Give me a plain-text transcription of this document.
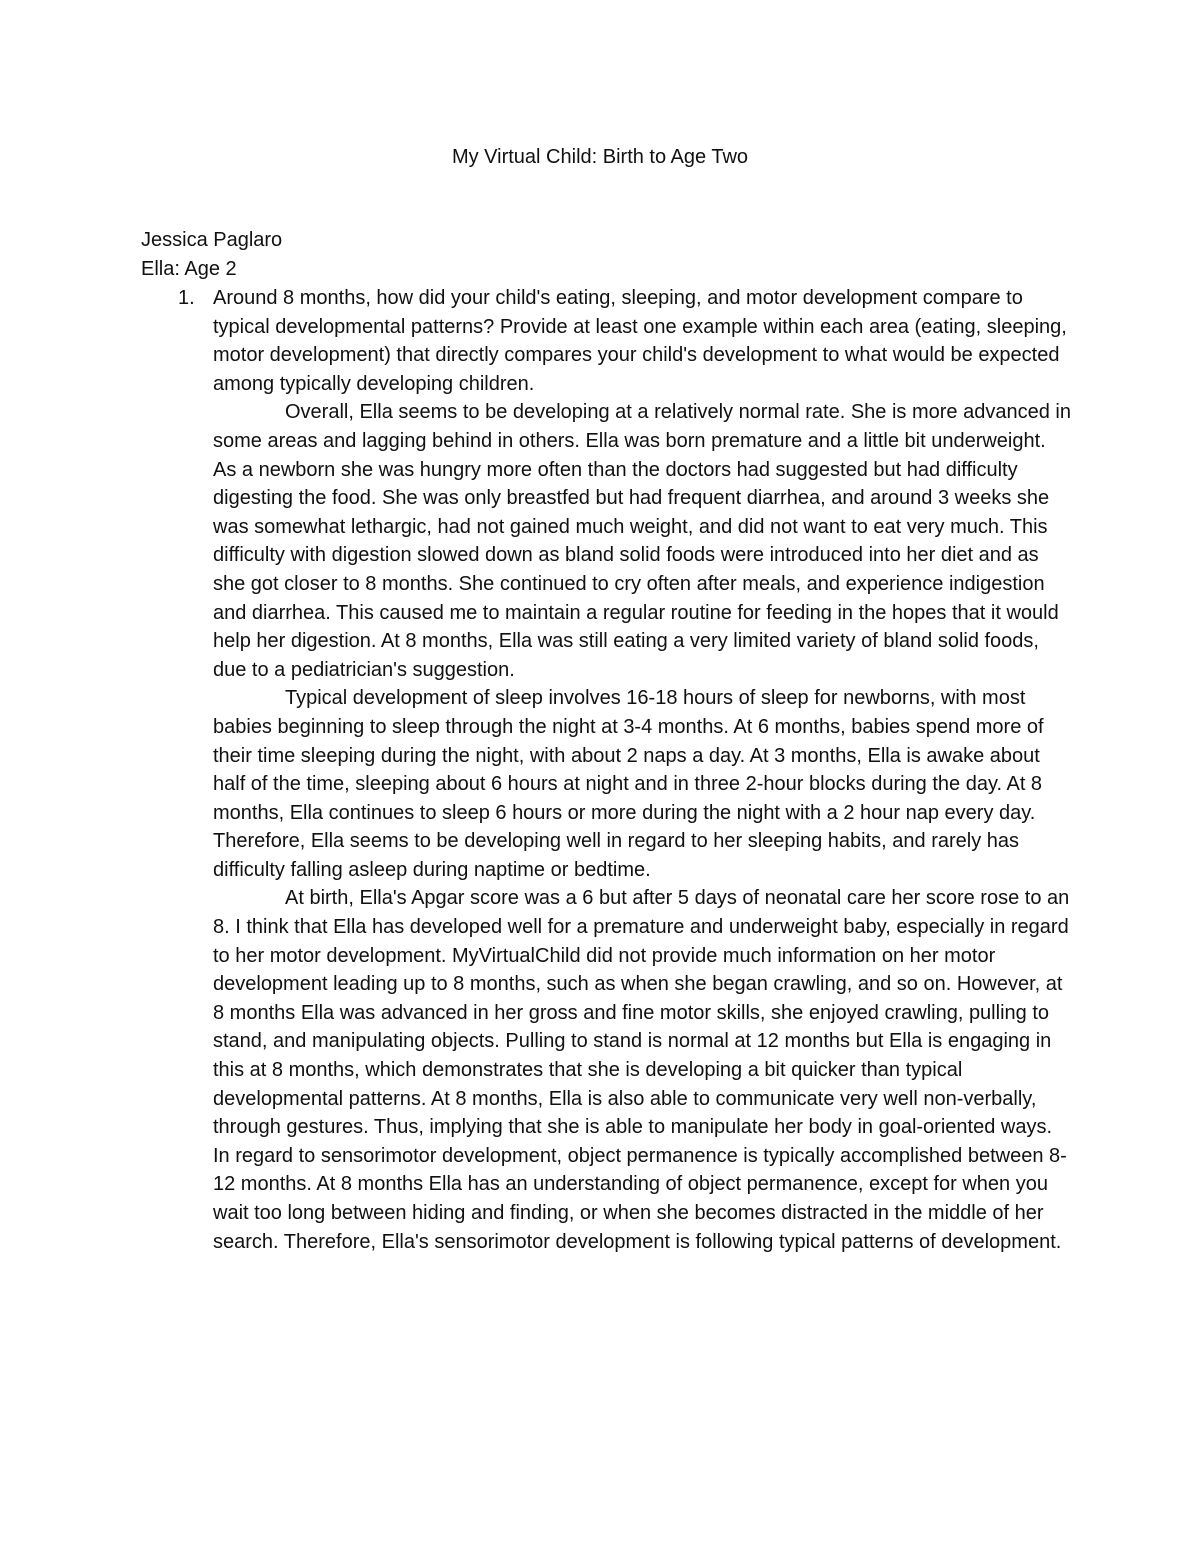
My Virtual Child: Birth to Age Two
Jessica Paglaro
Ella: Age 2
1. Around 8 months, how did your child's eating, sleeping, and motor development compare to typical developmental patterns? Provide at least one example within each area (eating, sleeping, motor development) that directly compares your child's development to what would be expected among typically developing children.

Overall, Ella seems to be developing at a relatively normal rate. She is more advanced in some areas and lagging behind in others. Ella was born premature and a little bit underweight. As a newborn she was hungry more often than the doctors had suggested but had difficulty digesting the food. She was only breastfed but had frequent diarrhea, and around 3 weeks she was somewhat lethargic, had not gained much weight, and did not want to eat very much. This difficulty with digestion slowed down as bland solid foods were introduced into her diet and as she got closer to 8 months. She continued to cry often after meals, and experience indigestion and diarrhea. This caused me to maintain a regular routine for feeding in the hopes that it would help her digestion. At 8 months, Ella was still eating a very limited variety of bland solid foods, due to a pediatrician's suggestion.

Typical development of sleep involves 16-18 hours of sleep for newborns, with most babies beginning to sleep through the night at 3-4 months. At 6 months, babies spend more of their time sleeping during the night, with about 2 naps a day. At 3 months, Ella is awake about half of the time, sleeping about 6 hours at night and in three 2-hour blocks during the day. At 8 months, Ella continues to sleep 6 hours or more during the night with a 2 hour nap every day. Therefore, Ella seems to be developing well in regard to her sleeping habits, and rarely has difficulty falling asleep during naptime or bedtime.

At birth, Ella's Apgar score was a 6 but after 5 days of neonatal care her score rose to an 8. I think that Ella has developed well for a premature and underweight baby, especially in regard to her motor development. MyVirtualChild did not provide much information on her motor development leading up to 8 months, such as when she began crawling, and so on. However, at 8 months Ella was advanced in her gross and fine motor skills, she enjoyed crawling, pulling to stand, and manipulating objects. Pulling to stand is normal at 12 months but Ella is engaging in this at 8 months, which demonstrates that she is developing a bit quicker than typical developmental patterns. At 8 months, Ella is also able to communicate very well non-verbally, through gestures. Thus, implying that she is able to manipulate her body in goal-oriented ways. In regard to sensorimotor development, object permanence is typically accomplished between 8-12 months. At 8 months Ella has an understanding of object permanence, except for when you wait too long between hiding and finding, or when she becomes distracted in the middle of her search. Therefore, Ella's sensorimotor development is following typical patterns of development.
